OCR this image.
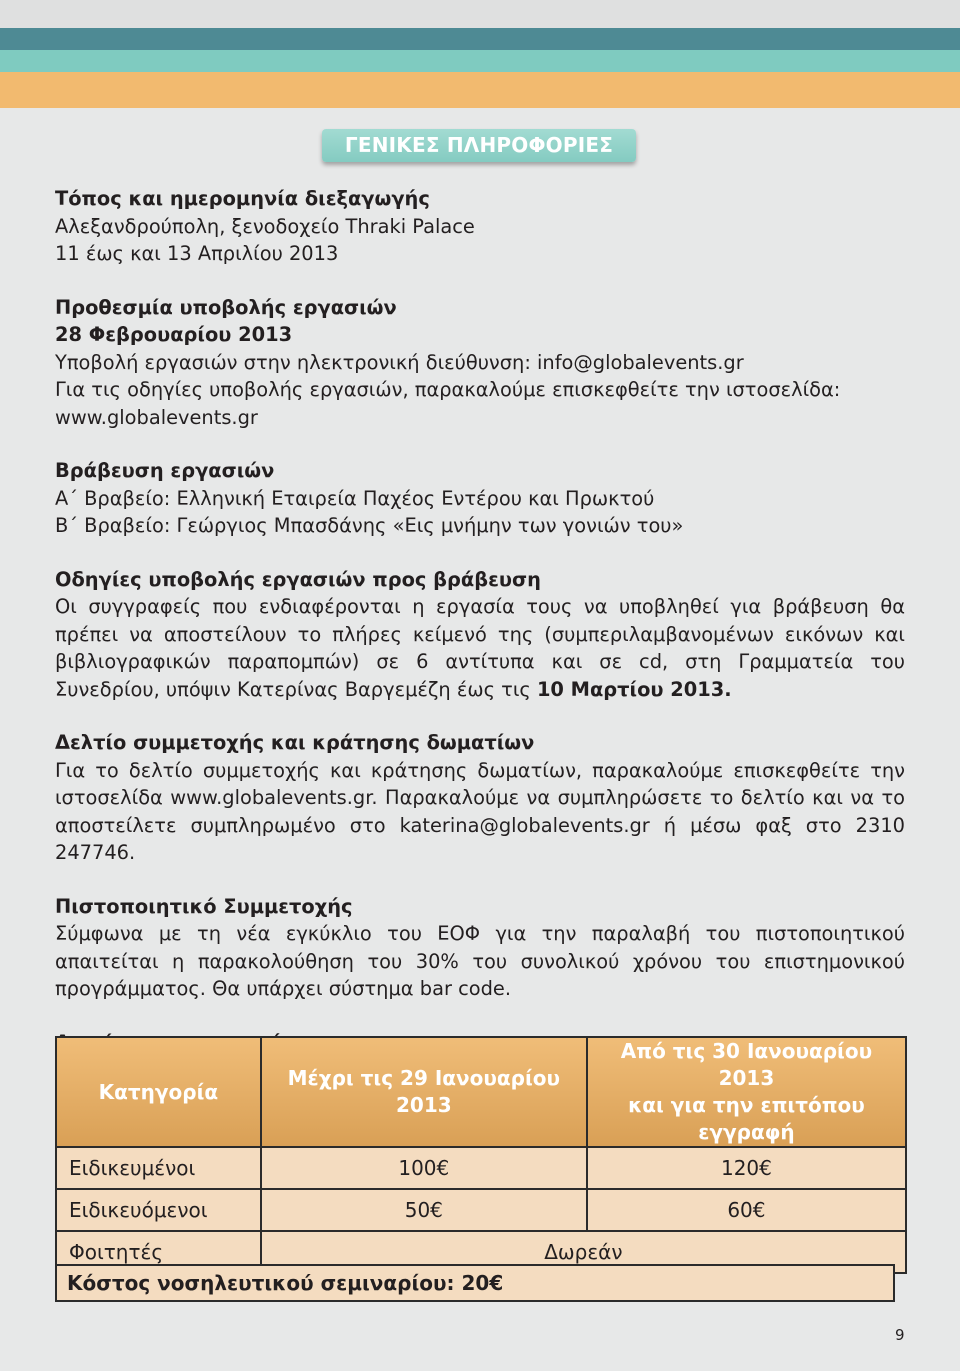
ΓΕΝΙΚΕΣ ΠΛΗΡΟΦΟΡΙΕΣ
Τόπος και ημερομηνία διεξαγωγής

Αλεξανδρούπολη, ξενοδοχείο Thraki Palace

11 έως και 13 Απριλίου 2013

Προθεσμία υποβολής εργασιών

28 Φεβρουαρίου 2013

Υποβολή εργασιών στην ηλεκτρονική διεύθυνση: info@globalevents.gr

Για τις οδηγίες υποβολής εργασιών, παρακαλούμε επισκεφθείτε την ιστοσελίδα:

www.globalevents.gr

Βράβευση εργασιών

Α΄ Βραβείο: Ελληνική Εταιρεία Παχέος Εντέρου και Πρωκτού

Β΄ Βραβείο: Γεώργιος Μπασδάνης «Εις μνήμην των γονιών του»

Οδηγίες υποβολής εργασιών προς βράβευση

Οι συγγραφείς που ενδιαφέρονται η εργασία τους να υποβληθεί για βράβευση θα πρέπει να αποστείλουν το πλήρες κείμενό της (συμπεριλαμβανομένων εικόνων και βιβλιογραφικών παραπομπών) σε 6 αντίτυπα και σε cd, στη Γραμματεία του Συνεδρίου, υπόψιν Κατερίνας Βαργεμέζη έως τις 10 Μαρτίου 2013.

Δελτίο συμμετοχής και κράτησης δωματίων

Για το δελτίο συμμετοχής και κράτησης δωματίων, παρακαλούμε επισκεφθείτε την ιστοσελίδα www.globalevents.gr. Παρακαλούμε να συμπληρώσετε το δελτίο και να το αποστείλετε συμπληρωμένο στο katerina@globalevents.gr ή μέσω φαξ στο 2310 247746.

Πιστοποιητικό Συμμετοχής

Σύμφωνα με τη νέα εγκύκλιο του ΕΟΦ για την παραλαβή του πιστοποιητικού απαιτείται η παρακολούθηση του 30% του συνολικού χρόνου του επιστημονικού προγράμματος. Θα υπάρχει σύστημα bar code.

Κατηγορία	Μέχρι τις 29 Ιανουαρίου 2013	Από τις 30 Ιανουαρίου 2013
και για την επιτόπου εγγραφή
Ειδικευμένοι	100€	120€
Ειδικευόμενοι	50€	60€
Φοιτητές	Δωρεάν	
Κόστος νοσηλευτικού σεμιναρίου: 20€
9
